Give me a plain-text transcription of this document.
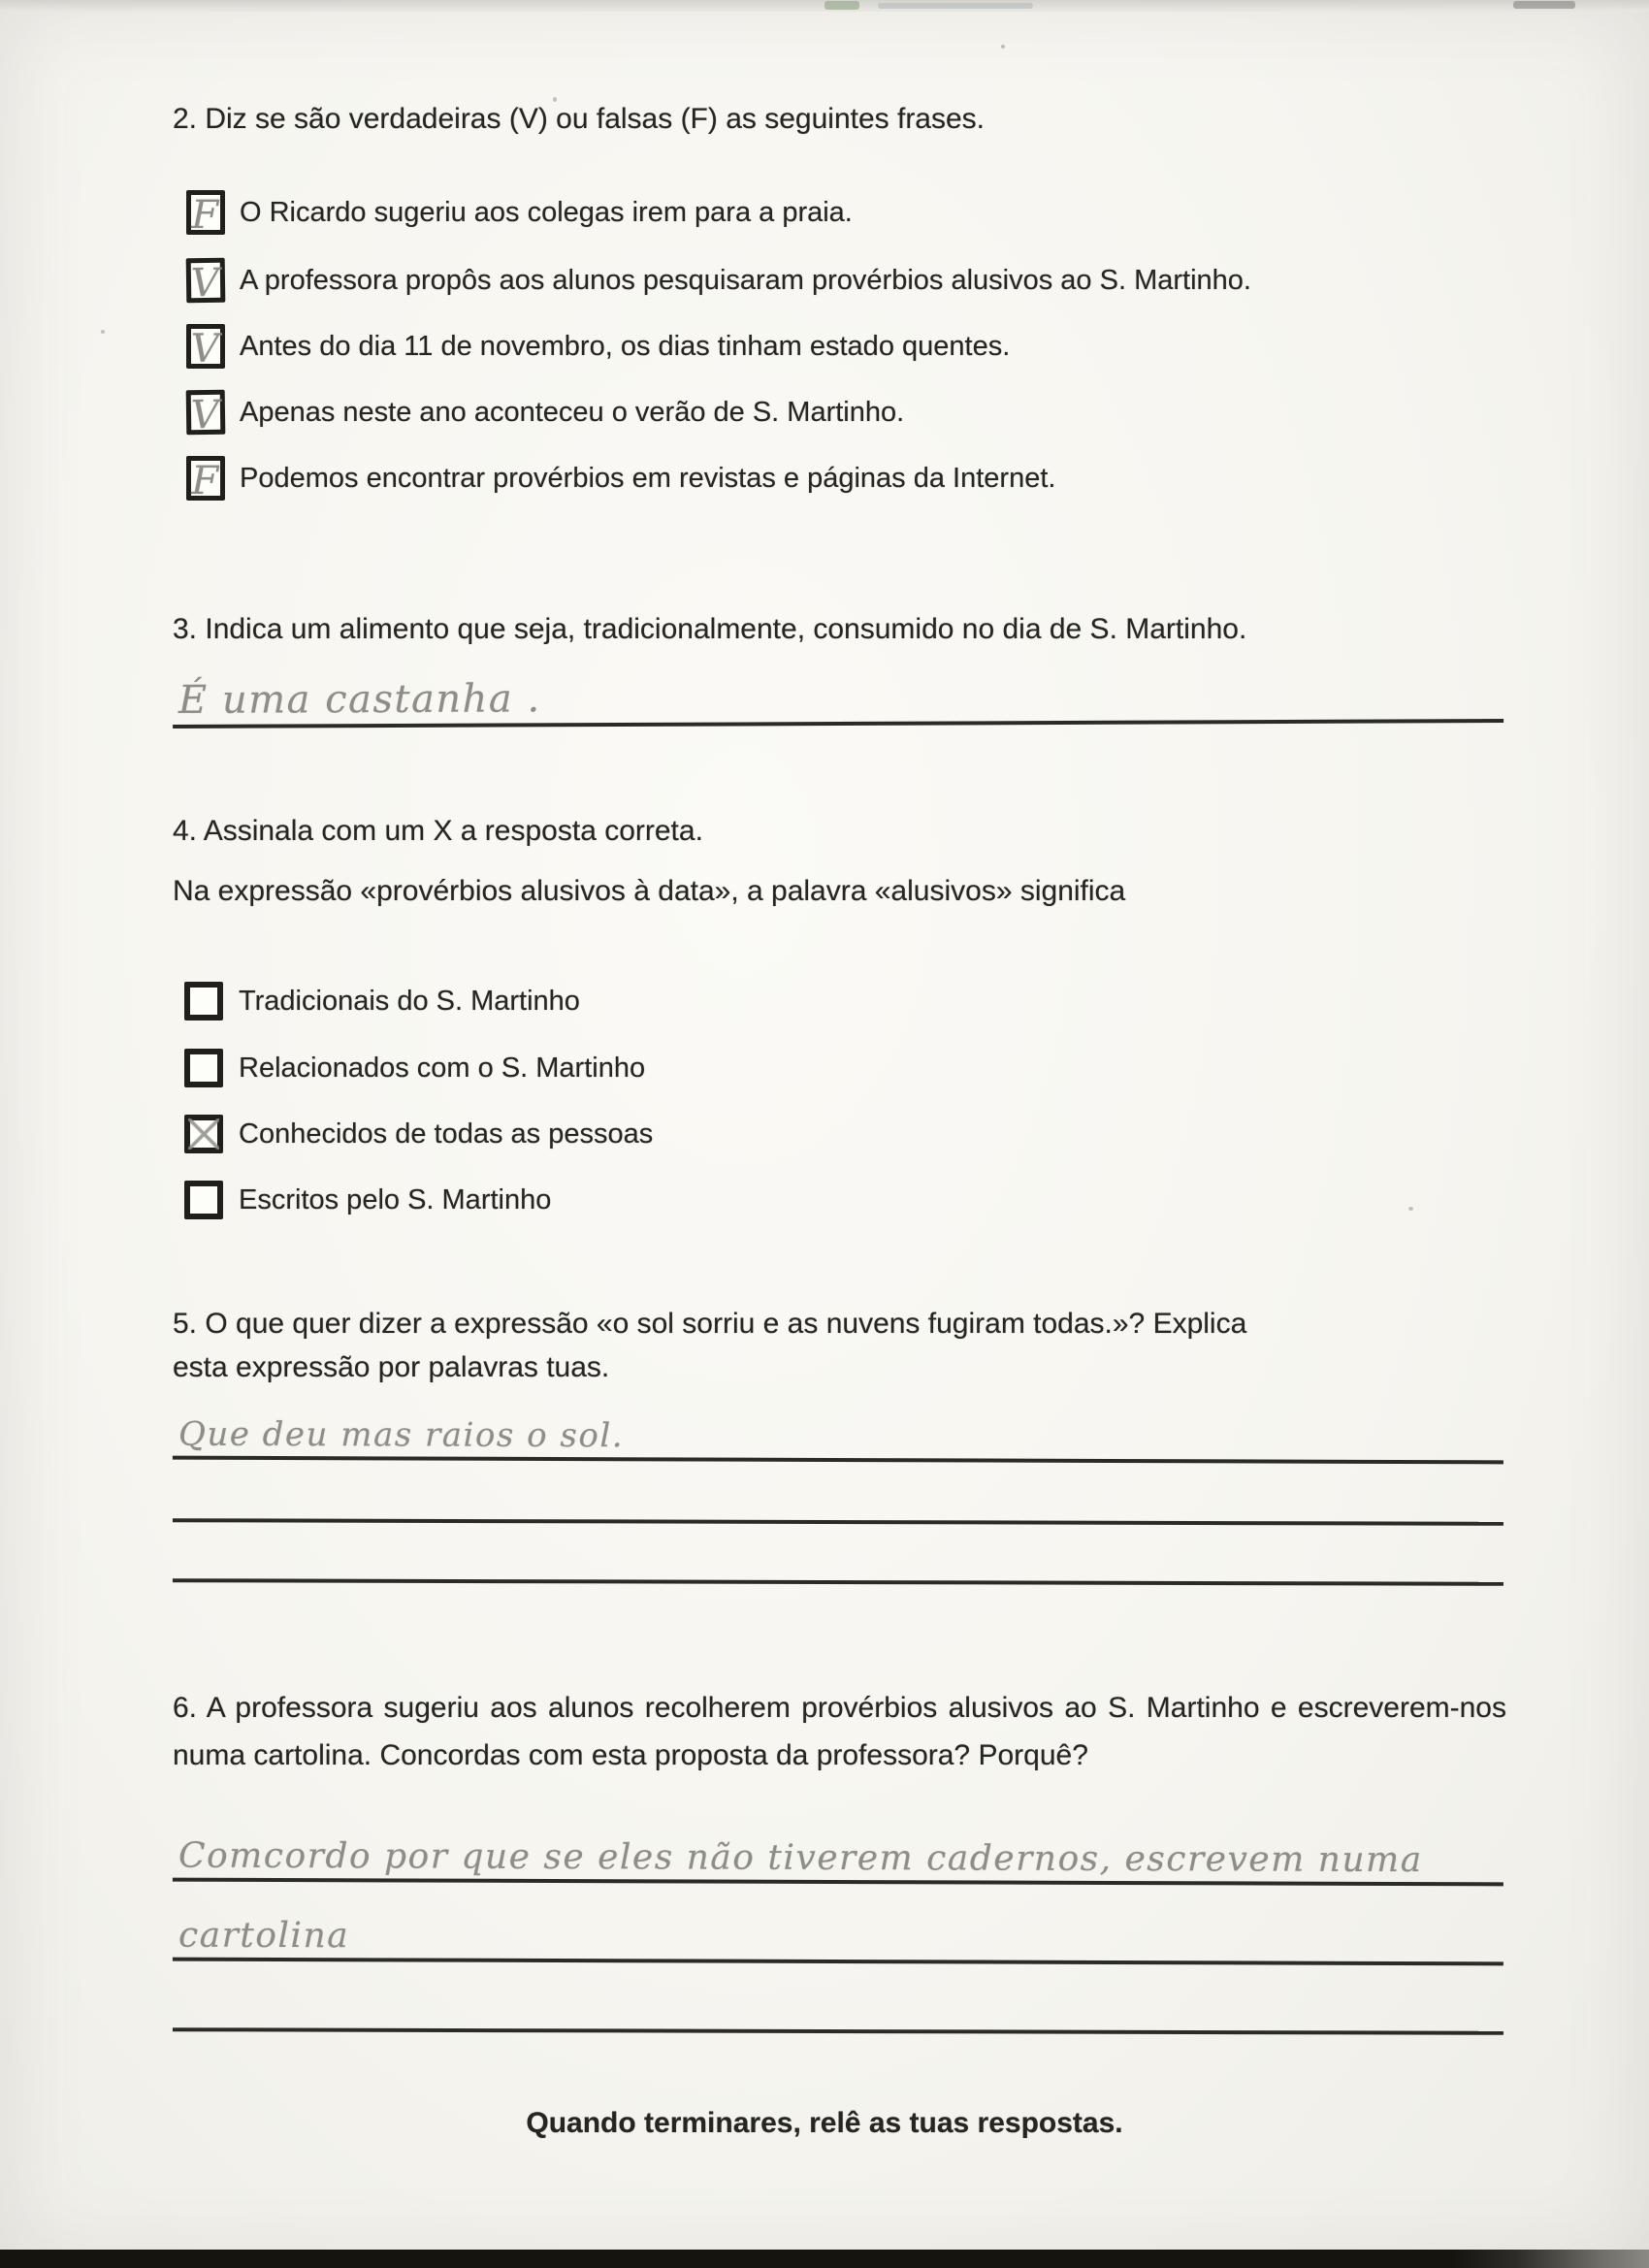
2. Diz se são verdadeiras (V) ou falsas (F) as seguintes frases.
F O Ricardo sugeriu aos colegas irem para a praia.
V A professora propôs aos alunos pesquisaram provérbios alusivos ao S. Martinho.
V Antes do dia 11 de novembro, os dias tinham estado quentes.
V Apenas neste ano aconteceu o verão de S. Martinho.
F Podemos encontrar provérbios em revistas e páginas da Internet.
3. Indica um alimento que seja, tradicionalmente, consumido no dia de S. Martinho.
É uma castanha .
4. Assinala com um X a resposta correta.
Na expressão «provérbios alusivos à data», a palavra «alusivos» significa
Tradicionais do S. Martinho
Relacionados com o S. Martinho
Conhecidos de todas as pessoas
Escritos pelo S. Martinho
5. O que quer dizer a expressão «o sol sorriu e as nuvens fugiram todas.»? Explica
esta expressão por palavras tuas.
Que deu mas raios o sol.
6. A professora sugeriu aos alunos recolherem provérbios alusivos ao S. Martinho e escreverem-nos numa cartolina. Concordas com esta proposta da professora? Porquê?
Comcordo por que se eles não tiverem cadernos, escrevem numa
cartolina
Quando terminares, relê as tuas respostas.
